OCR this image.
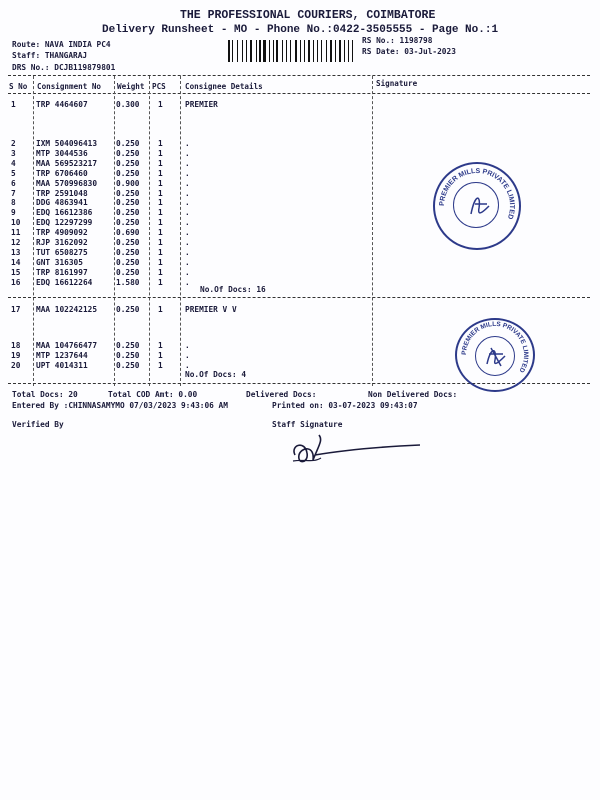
THE PROFESSIONAL COURIERS, COIMBATORE
Delivery Runsheet - MO - Phone No.:0422-3505555 - Page No.:1
Route: NAVA INDIA PC4
Staff: THANGARAJ
DRS No.: DCJB119879801
RS No.: 1198798
RS Date: 03-Jul-2023
S No Consignment No Weight PCS	Consignee Details	Signature
1	TRP 4464607	0.300 1	PREMIER
2	IXM 504096413 0.250 1	.
3	MTP 3044536	0.250 1	.
4	MAA 569523217 0.250 1	.
5	TRP 6706460	0.250 1	.
6	MAA 570996830 0.900 1	.
7	TRP 2591048	0.250 1	.
8	DDG 4863941	0.250 1	.
9	EDQ 16612386	0.250 1	.
10 EDQ 12297299	0.250 1	.
11 TRP 4909092	0.690 1	.
12 RJP 3162092	0.250 1	.
13 TUT 6508275	0.250 1	.
14 GNT 316305	0.250 1	.
15 TRP 8161997	0.250 1	.
16 EDQ 16612264	1.580 1	.
No.Of Docs: 16
17 MAA 102242125 0.250 1	PREMIER V V
18 MAA 104766477 0.250 1	.
19 MTP 1237644	0.250 1	.
20 UPT 4014311	0.250 1	.
No.Of Docs: 4
Total Docs: 20	Total COD Amt: 0.00	Delivered Docs:	Non Delivered Docs:
Entered By :CHINNASAMYMO 07/03/2023 9:43:06 AM	Printed on: 03-07-2023 09:43:07
Verified By	Staff Signature
PREMIER MILLS PRIVATE LIMITED
PREMIER MILLS PRIVATE LIMITED
